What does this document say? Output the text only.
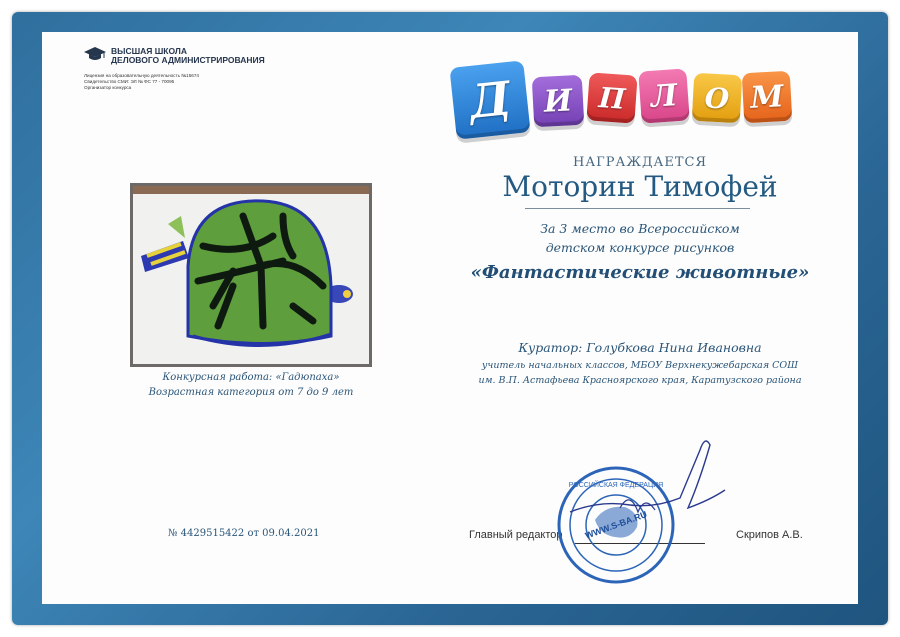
ВЫСШАЯ ШКОЛА
ДЕЛОВОГО АДМИНИСТРИРОВАНИЯ
Лицензия на образовательную деятельность №15674
Свидетельство СМИ: ЭЛ № ФС 77 - 70095
Организатор конкурса	Д И П Л О М
НАГРАЖДАЕТСЯ
Моторин Тимофей
За 3 место во Всероссийском
детском конкурсе рисунков
«Фантастические животные»
Куратор: Голубкова Нина Ивановна
учитель начальных классов, МБОУ Верхнекужебарская СОШ
им. В.П. Астафьева Красноярского края, Каратузского района
Конкурсная работа: «Гадюпаха»
Возрастная категория от 7 до 9 лет
№ 4429515422 от 09.04.2021	Главный редактор	Скрипов А.В.
WWW.S-BA.RU
РОССИЙСКАЯ ФЕДЕРАЦИЯ
